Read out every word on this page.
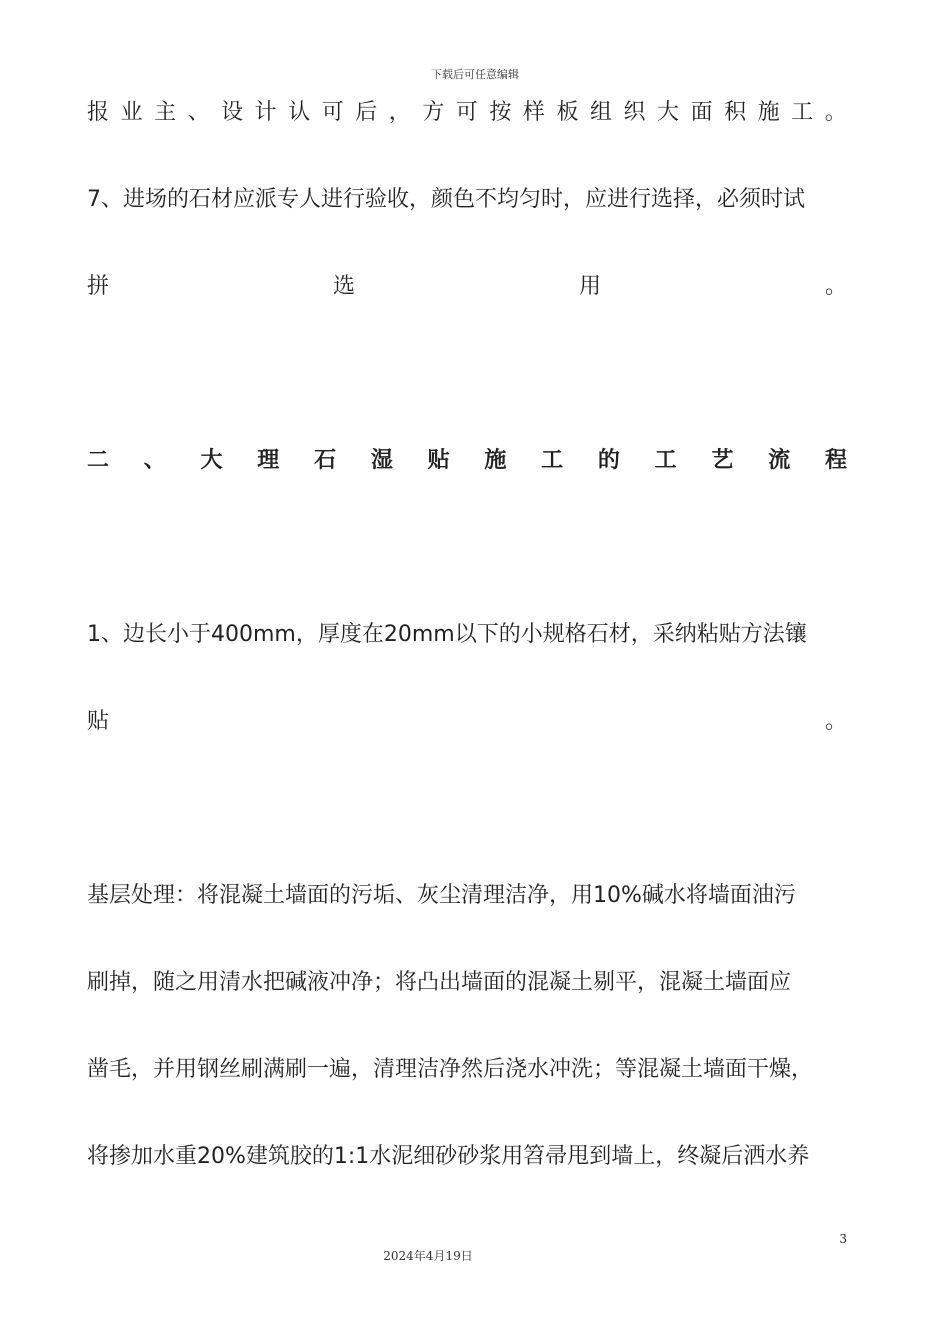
下载后可任意编辑
报 业 主 、 设 计 认 可 后 ， 方 可 按 样 板 组 织 大 面 积 施 工 。
7、进场的石材应派专人进行验收，颜色不均匀时，应进行选择，必须时试
拼	选	用	。
二 、 大 理 石 湿 贴 施 工 的 工 艺 流 程
1、边长小于400mm，厚度在20mm以下的小规格石材，采纳粘贴方法镶
贴	。
基层处理：将混凝土墙面的污垢、灰尘清理洁净，用10%碱水将墙面油污
刷掉，随之用清水把碱液冲净；将凸出墙面的混凝土剔平，混凝土墙面应
凿毛，并用钢丝刷满刷一遍，清理洁净然后浇水冲洗；等混凝土墙面干燥，
将掺加水重20%建筑胶的1:1水泥细砂砂浆用笤帚甩到墙上，终凝后洒水养
3
2024年4月19日
